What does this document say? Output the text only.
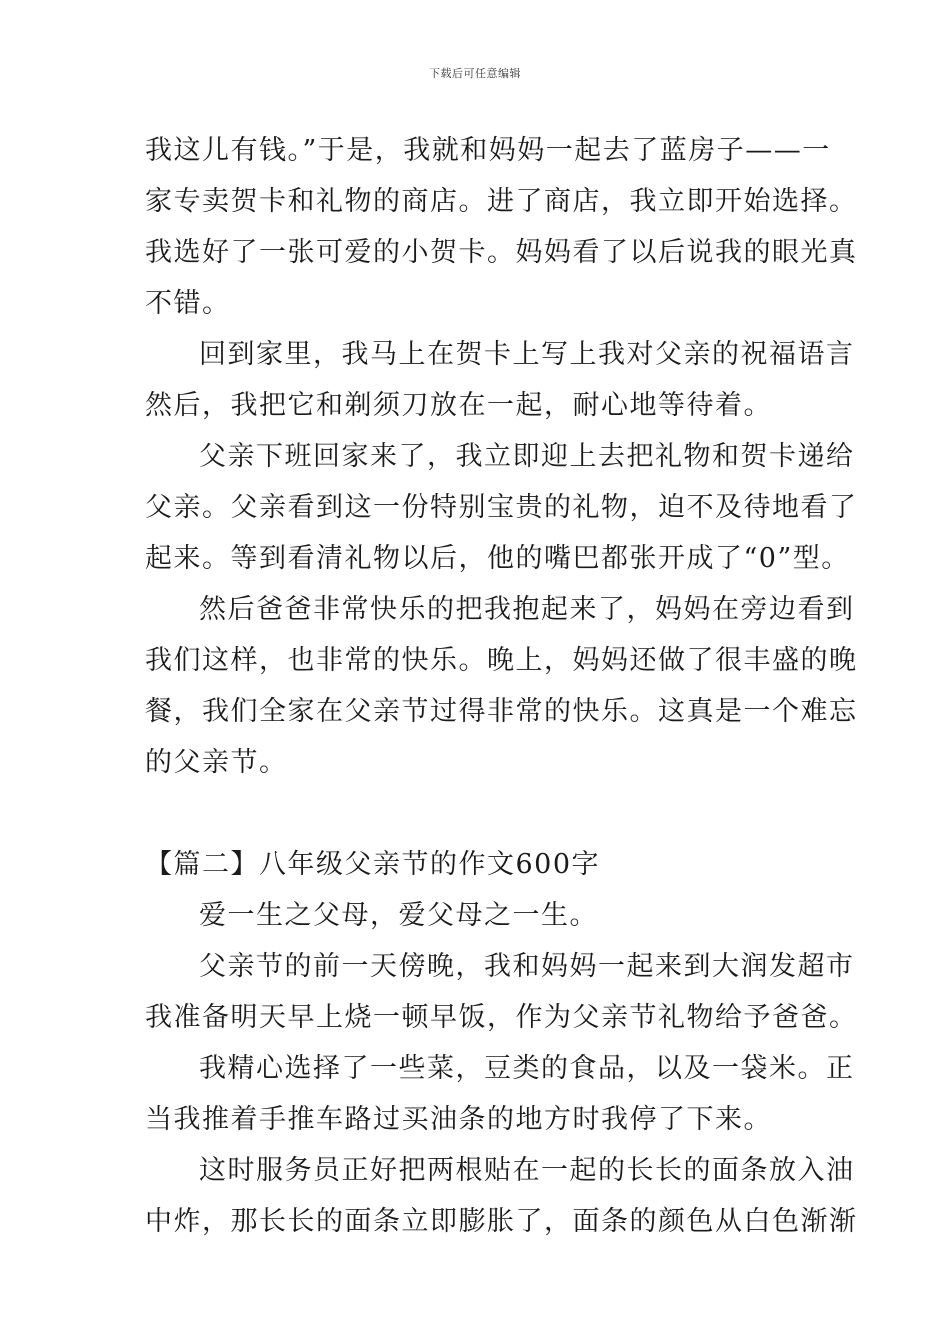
下载后可任意编辑
我这儿有钱。”于是，我就和妈妈一起去了蓝房子——一
家专卖贺卡和礼物的商店。进了商店，我立即开始选择。
我选好了一张可爱的小贺卡。妈妈看了以后说我的眼光真
不错。
回到家里，我马上在贺卡上写上我对父亲的祝福语言
然后，我把它和剃须刀放在一起，耐心地等待着。
父亲下班回家来了，我立即迎上去把礼物和贺卡递给
父亲。父亲看到这一份特别宝贵的礼物，迫不及待地看了
起来。等到看清礼物以后，他的嘴巴都张开成了“0”型。
然后爸爸非常快乐的把我抱起来了，妈妈在旁边看到
我们这样，也非常的快乐。晚上，妈妈还做了很丰盛的晚
餐，我们全家在父亲节过得非常的快乐。这真是一个难忘
的父亲节。
【篇二】八年级父亲节的作文600字
爱一生之父母，爱父母之一生。
父亲节的前一天傍晚，我和妈妈一起来到大润发超市
我准备明天早上烧一顿早饭，作为父亲节礼物给予爸爸。
我精心选择了一些菜，豆类的食品，以及一袋米。正
当我推着手推车路过买油条的地方时我停了下来。
这时服务员正好把两根贴在一起的长长的面条放入油
中炸，那长长的面条立即膨胀了，面条的颜色从白色渐渐
